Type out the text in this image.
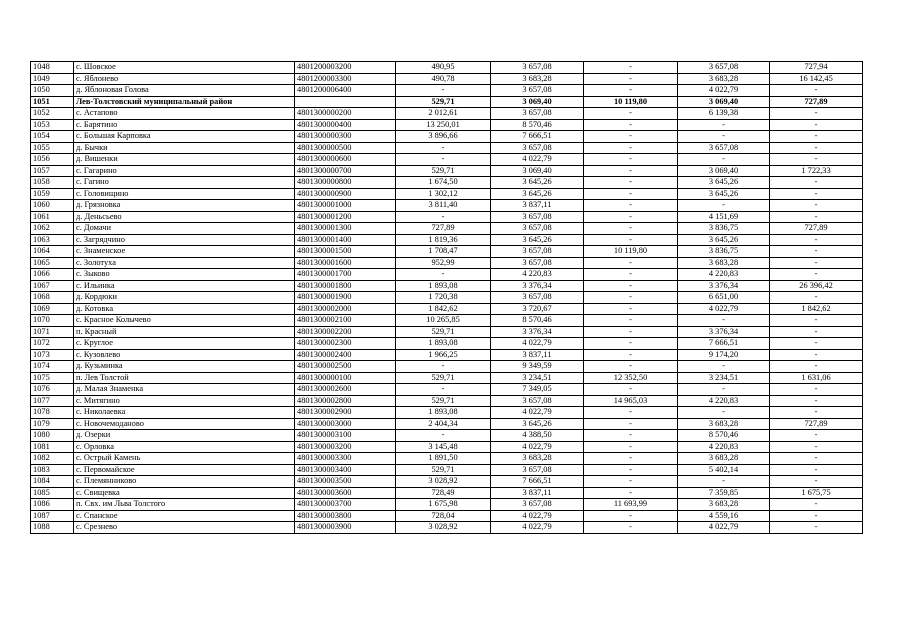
1048	с. Шовское	4801200003200	490,95	3 657,08	-	3 657,08	727,94
1049	с. Яблонево	4801200003300	490,78	3 683,28	-	3 683,28	16 142,45
1050	д. Яблоновая Голова	4801200006400	-	3 657,08	-	4 022,79	-
1051	Лев-Толстовский муниципальный район		529,71	3 069,40	10 119,80	3 069,40	727,89
1052	с. Астапово	4801300000200	2 012,61	3 657,08	-	6 139,38	-
1053	с. Барятино	4801300000400	13 250,01	8 570,46	-	-	-
1054	с. Большая Карповка	4801300000300	3 896,66	7 666,51	-	-	-
1055	д. Бычки	4801300000500	-	3 657,08	-	3 657,08	-
1056	д. Вишенки	4801300000600	-	4 022,79	-	-	-
1057	с. Гагарино	4801300000700	529,71	3 069,40	-	3 069,40	1 722,33
1058	с. Гагино	4801300000800	1 674,50	3 645,26	-	3 645,26	-
1059	с. Головищино	4801300000900	1 302,12	3 645,26	-	3 645,26	-
1060	д. Грязновка	4801300001000	3 811,40	3 837,11	-	-	-
1061	д. Деньсьево	4801300001200	-	3 657,08	-	4 151,69	-
1062	с. Домачи	4801300001300	727,89	3 657,08	-	3 836,75	727,89
1063	с. Загрядчино	4801300001400	1 819,36	3 645,26	-	3 645,26	-
1064	с. Знаменское	4801300001500	1 708,47	3 657,08	10 119,80	3 836,75	-
1065	с. Золотуха	4801300001600	952,99	3 657,08	-	3 683,28	-
1066	с. Зыково	4801300001700	-	4 220,83	-	4 220,83	-
1067	с. Ильинка	4801300001800	1 893,08	3 376,34	-	3 376,34	26 396,42
1068	д. Кордюки	4801300001900	1 720,38	3 657,08	-	6 651,00	-
1069	д. Котовка	4801300002000	1 842,62	3 720,67	-	4 022,79	1 842,62
1070	с. Красное Колычево	4801300002100	10 265,85	8 570,46	-	-	-
1071	п. Красный	4801300002200	529,71	3 376,34	-	3 376,34	-
1072	с. Круглое	4801300002300	1 893,08	4 022,79	-	7 666,51	-
1073	с. Кузовлево	4801300002400	1 966,25	3 837,11	-	9 174,20	-
1074	д. Кузьминка	4801300002500	-	9 349,59	-	-	-
1075	п. Лев Толстой	4801300000100	529,71	3 234,51	12 352,50	3 234,51	1 631,06
1076	д. Малая Знаменка	4801300002600	-	7 349,05	-	-	-
1077	с. Митягино	4801300002800	529,71	3 657,08	14 965,03	4 220,83	-
1078	с. Николаевка	4801300002900	1 893,08	4 022,79	-	-	-
1079	с. Новочемоданово	4801300003000	2 404,34	3 645,26	-	3 683,28	727,89
1080	д. Озерки	4801300003100	-	4 388,50	-	8 570,46	-
1081	с. Орловка	4801300003200	3 145,48	4 022,79	-	4 220,83	-
1082	с. Острый Камень	4801300003300	1 891,50	3 683,28	-	3 683,28	-
1083	с. Первомайское	4801300003400	529,71	3 657,08	-	5 402,14	-
1084	с. Племянниково	4801300003500	3 028,92	7 666,51	-	-	-
1085	с. Свищевка	4801300003600	728,49	3 837,11	-	7 359,85	1 675,75
1086	п. Свх. им Льва Толстого	4801300003700	1 675,98	3 657,08	11 693,99	3 683,28	-
1087	с. Спанское	4801300003800	728,04	4 022,79	-	4 559,16	-
1088	с. Срезнево	4801300003900	3 028,92	4 022,79	-	4 022,79	-
